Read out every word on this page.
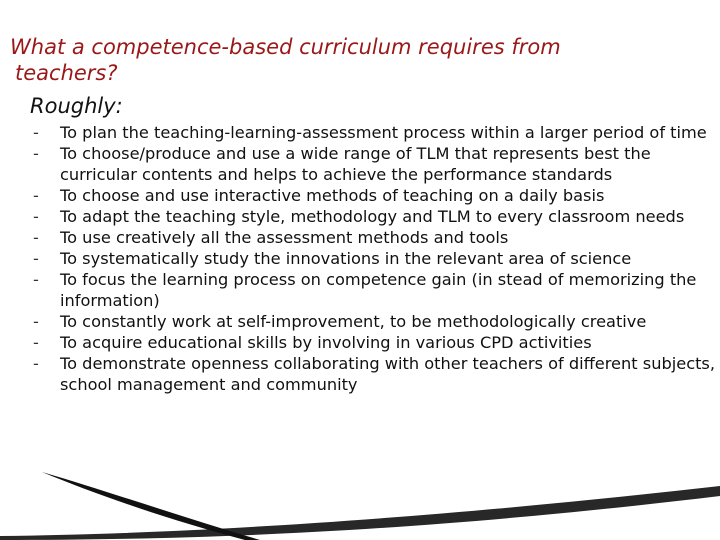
What a competence-based curriculum requires from
teachers?
Roughly:
- To plan the teaching-learning-assessment process within a larger period of time
- To choose/produce and use a wide range of TLM that represents best the curricular contents and helps to achieve the performance standards
- To choose and use interactive methods of teaching on a daily basis
- To adapt the teaching style, methodology and TLM to every classroom needs
- To use creatively all the assessment methods and tools
- To systematically study the innovations in the relevant area of science
- To focus the learning process on competence gain (in stead of memorizing the information)
- To constantly work at self-improvement, to be methodologically creative
- To acquire educational skills by involving in various CPD activities
- To demonstrate openness collaborating with other teachers of different subjects, school management and community
